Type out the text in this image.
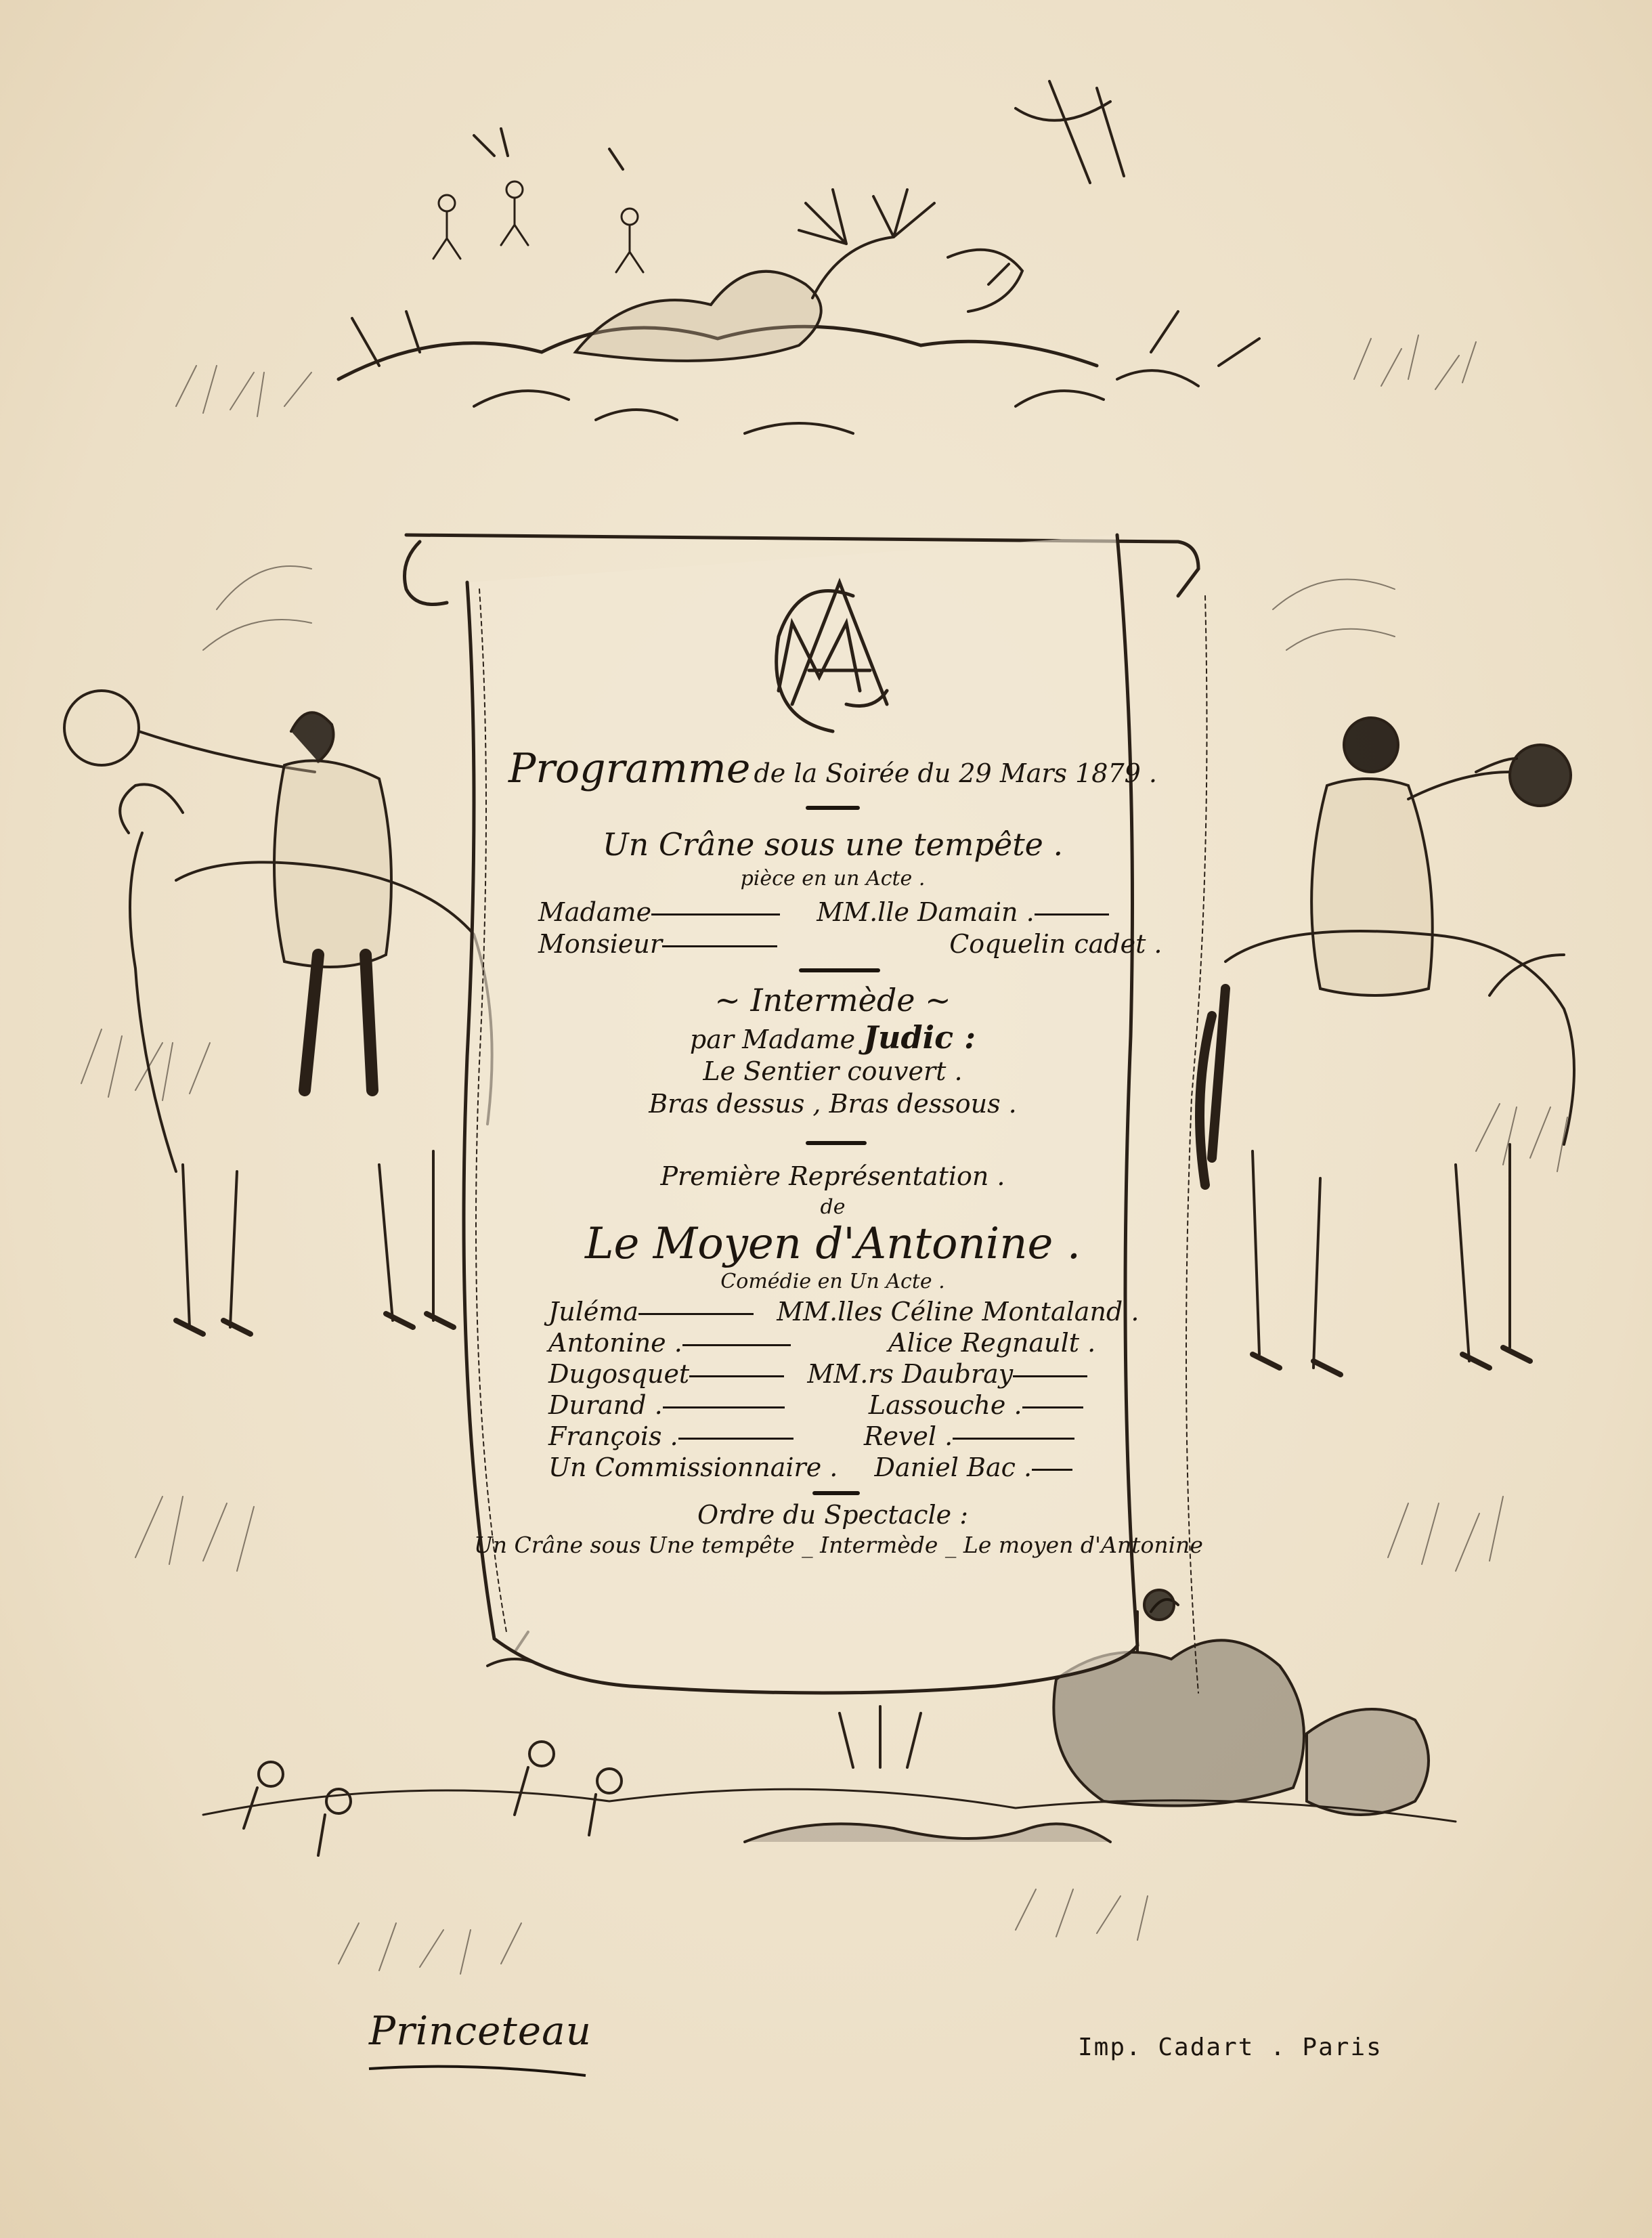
Programme de la Soirée du 29 Mars 1879 .
Un Crâne sous une tempête .
pièce en un Acte .
Madame	MM.lle Damain .
Monsieur	Coquelin cadet .
~ Intermède ~
par Madame Judic :
Le Sentier couvert .
Bras dessus , Bras dessous .
Première Représentation .
de
Le Moyen d'Antonine .
Comédie en Un Acte .
Juléma	MM.lles Céline Montaland .
Antonine .	Alice Regnault .
Dugosquet	MM.rs Daubray
Durand .	Lassouche .
François .	Revel .
Un Commissionnaire . Daniel Bac .
Ordre du Spectacle :
Un Crâne sous Une tempête _ Intermède _ Le moyen d'Antonine
Princeteau	Imp. Cadart . Paris
